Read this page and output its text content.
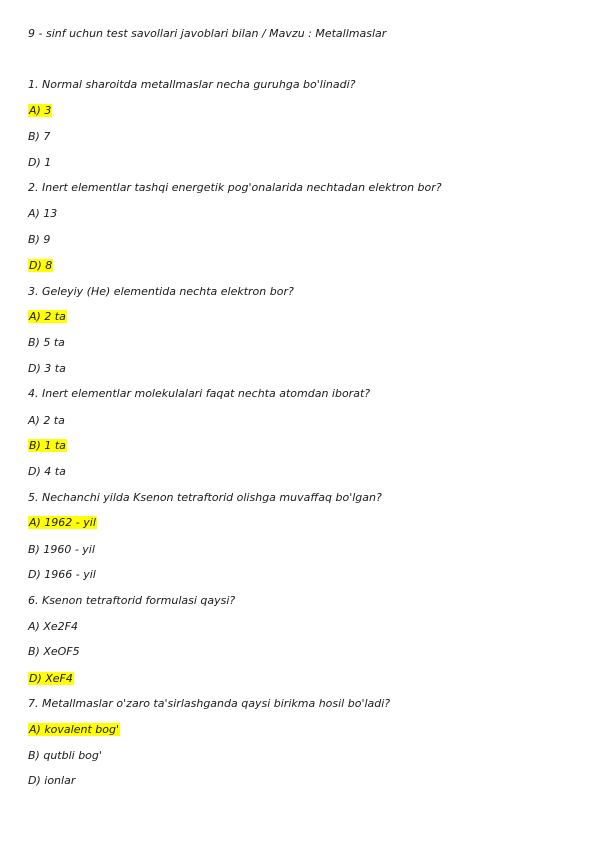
9 - sinf uchun test savollari javoblari bilan / Mavzu : Metallmaslar
1. Normal sharoitda metallmaslar necha guruhga bo'linadi?
A) 3
B) 7
D) 1
2. Inert elementlar tashqi energetik pog'onalarida nechtadan elektron bor?
A) 13
B) 9
D) 8
3. Geleyiy (He) elementida nechta elektron bor?
A) 2 ta
B) 5 ta
D) 3 ta
4. Inert elementlar molekulalari faqat nechta atomdan iborat?
A) 2 ta
B) 1 ta
D) 4 ta
5. Nechanchi yilda Ksenon tetraftorid olishga muvaffaq bo'lgan?
A) 1962 - yil
B) 1960 - yil
D) 1966 - yil
6. Ksenon tetraftorid formulasi qaysi?
A) Xe2F4
B) XeOF5
D) XeF4
7. Metallmaslar o'zaro ta'sirlashganda qaysi birikma hosil bo'ladi?
A) kovalent bog'
B) qutbli bog'
D) ionlar
